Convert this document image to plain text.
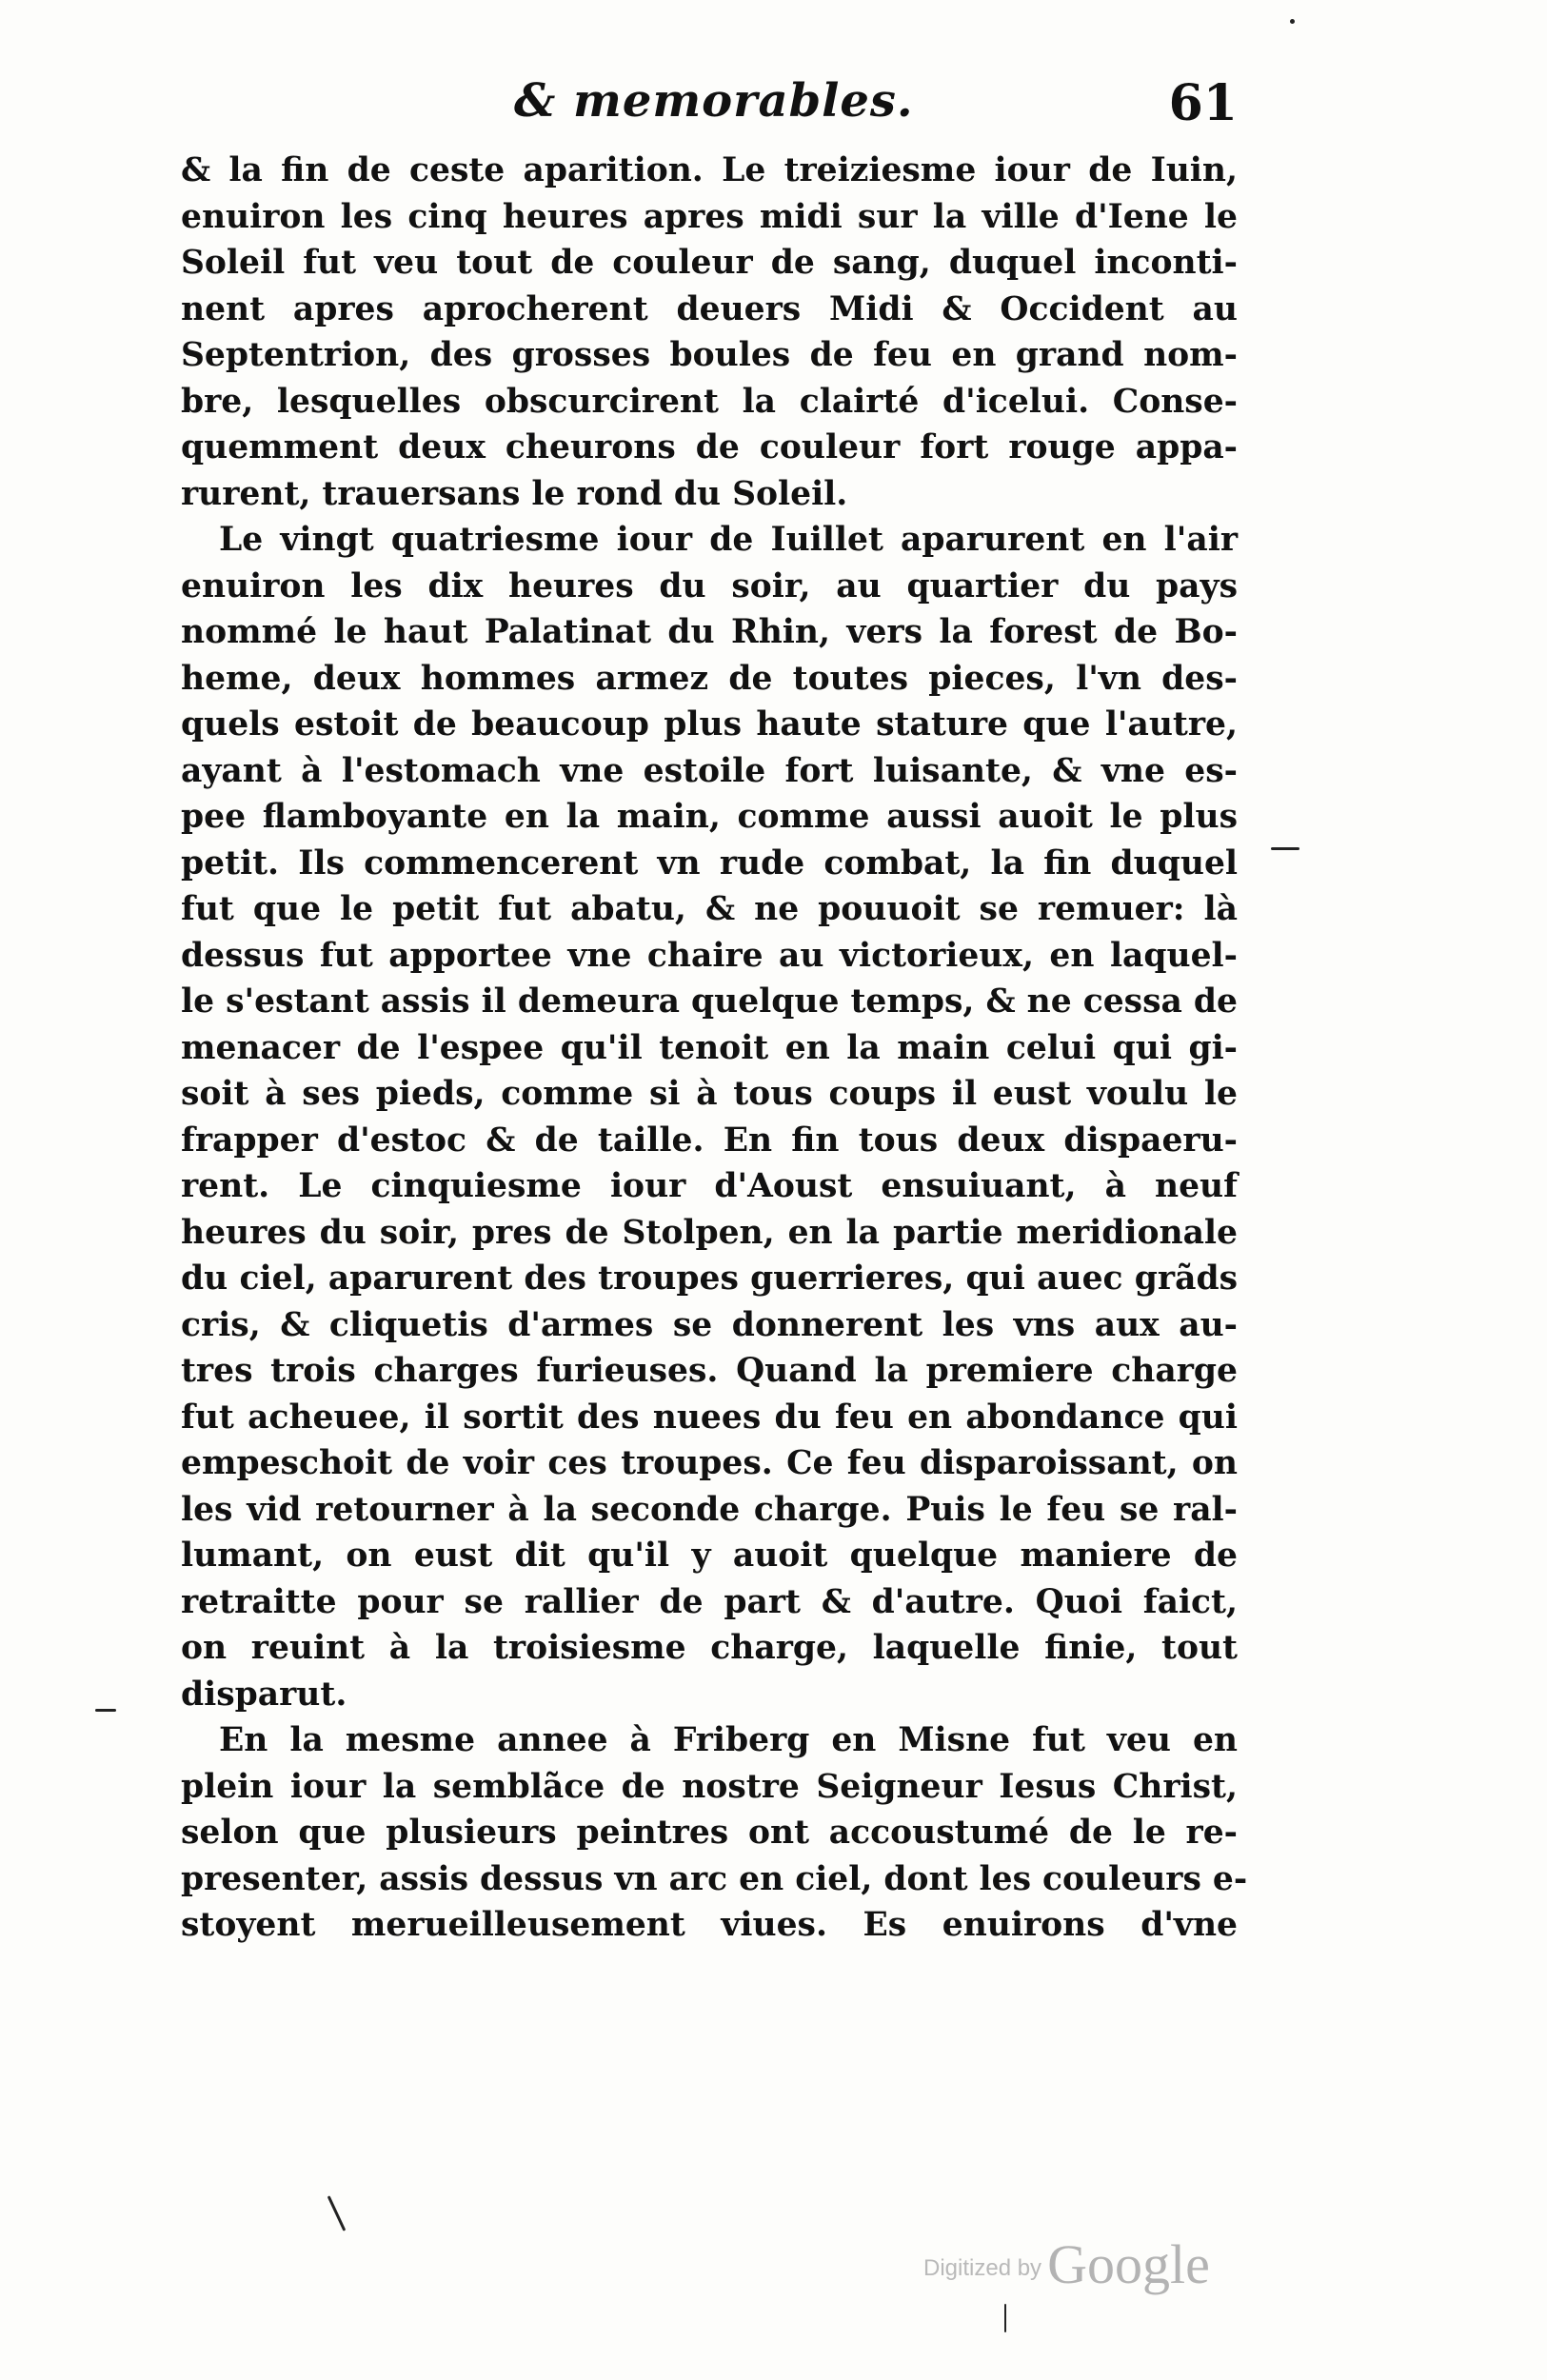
& memorables.	61
& la fin de ceste aparition. Le treiziesme iour de Iuin,
enuiron les cinq heures apres midi sur la ville d'Iene le
Soleil fut veu tout de couleur de sang, duquel inconti-
nent apres aprocherent deuers Midi & Occident au
Septentrion, des grosses boules de feu en grand nom-
bre, lesquelles obscurcirent la clairté d'icelui. Conse-
quemment deux cheurons de couleur fort rouge appa-
rurent, trauersans le rond du Soleil.
Le vingt quatriesme iour de Iuillet aparurent en l'air
enuiron les dix heures du soir, au quartier du pays
nommé le haut Palatinat du Rhin, vers la forest de Bo-
heme, deux hommes armez de toutes pieces, l'vn des-
quels estoit de beaucoup plus haute stature que l'autre,
ayant à l'estomach vne estoile fort luisante, & vne es-
pee flamboyante en la main, comme aussi auoit le plus
petit. Ils commencerent vn rude combat, la fin duquel
fut que le petit fut abatu, & ne pouuoit se remuer: là
dessus fut apportee vne chaire au victorieux, en laquel-
le s'estant assis il demeura quelque temps, & ne cessa de
menacer de l'espee qu'il tenoit en la main celui qui gi-
soit à ses pieds, comme si à tous coups il eust voulu le
frapper d'estoc & de taille. En fin tous deux dispaeru-
rent. Le cinquiesme iour d'Aoust ensuiuant, à neuf
heures du soir, pres de Stolpen, en la partie meridionale
du ciel, aparurent des troupes guerrieres, qui auec grãds
cris, & cliquetis d'armes se donnerent les vns aux au-
tres trois charges furieuses. Quand la premiere charge
fut acheuee, il sortit des nuees du feu en abondance qui
empeschoit de voir ces troupes. Ce feu disparoissant, on
les vid retourner à la seconde charge. Puis le feu se ral-
lumant, on eust dit qu'il y auoit quelque maniere de
retraitte pour se rallier de part & d'autre. Quoi faict,
on reuint à la troisiesme charge, laquelle finie, tout
disparut.
En la mesme annee à Friberg en Misne fut veu en
plein iour la semblãce de nostre Seigneur Iesus Christ,
selon que plusieurs peintres ont accoustumé de le re-
presenter, assis dessus vn arc en ciel, dont les couleurs e-
stoyent merueilleusement viues. Es enuirons d'vne
Digitized by Google
